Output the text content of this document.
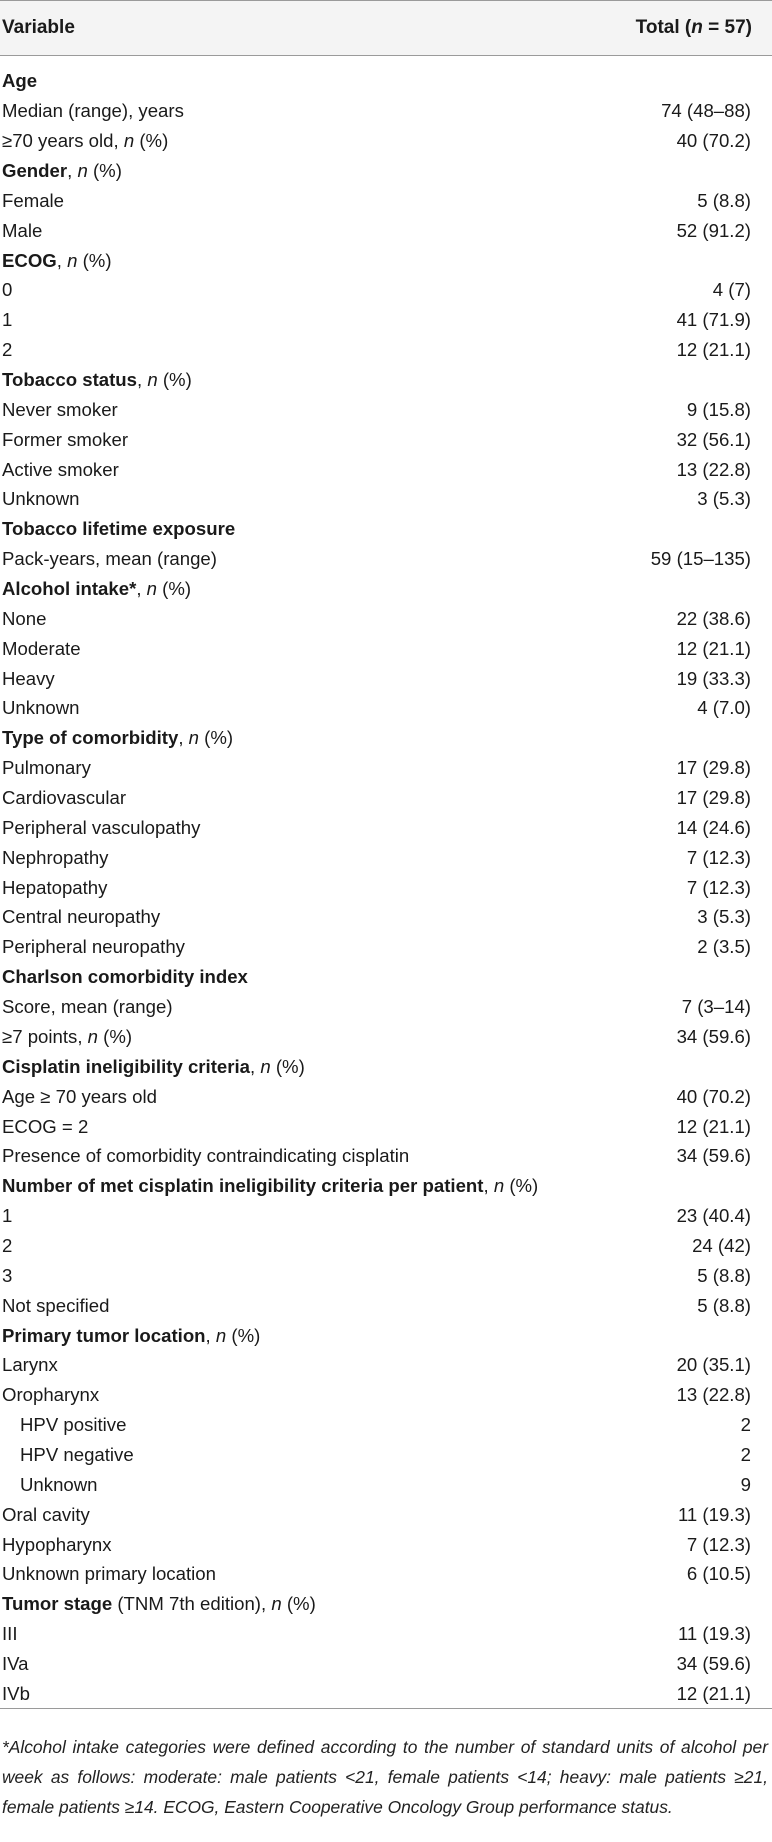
Variable	Total (n = 57)

Age	
Median (range), years	74 (48–88)
≥70 years old, n (%)	40 (70.2)
Gender, n (%)	
Female	5 (8.8)
Male	52 (91.2)
ECOG, n (%)	
0	4 (7)
1	41 (71.9)
2	12 (21.1)
Tobacco status, n (%)	
Never smoker	9 (15.8)
Former smoker	32 (56.1)
Active smoker	13 (22.8)
Unknown	3 (5.3)
Tobacco lifetime exposure	
Pack-years, mean (range)	59 (15–135)
Alcohol intake*, n (%)	
None	22 (38.6)
Moderate	12 (21.1)
Heavy	19 (33.3)
Unknown	4 (7.0)
Type of comorbidity, n (%)	
Pulmonary	17 (29.8)
Cardiovascular	17 (29.8)
Peripheral vasculopathy	14 (24.6)
Nephropathy	7 (12.3)
Hepatopathy	7 (12.3)
Central neuropathy	3 (5.3)
Peripheral neuropathy	2 (3.5)
Charlson comorbidity index	
Score, mean (range)	7 (3–14)
≥7 points, n (%)	34 (59.6)
Cisplatin ineligibility criteria, n (%)	
Age ≥ 70 years old	40 (70.2)
ECOG = 2	12 (21.1)
Presence of comorbidity contraindicating cisplatin	34 (59.6)
Number of met cisplatin ineligibility criteria per patient, n (%)	
1	23 (40.4)
2	24 (42)
3	5 (8.8)
Not specified	5 (8.8)
Primary tumor location, n (%)	
Larynx	20 (35.1)
Oropharynx	13 (22.8)
HPV positive	2
HPV negative	2
Unknown	9
Oral cavity	11 (19.3)
Hypopharynx	7 (12.3)
Unknown primary location	6 (10.5)
Tumor stage (TNM 7th edition), n (%)	
III	11 (19.3)
IVa	34 (59.6)
IVb	12 (21.1)
*Alcohol intake categories were defined according to the number of standard units of alcohol per week as follows: moderate: male patients <21, female patients <14; heavy: male patients ≥21, female patients ≥14. ECOG, Eastern Cooperative Oncology Group performance status.
